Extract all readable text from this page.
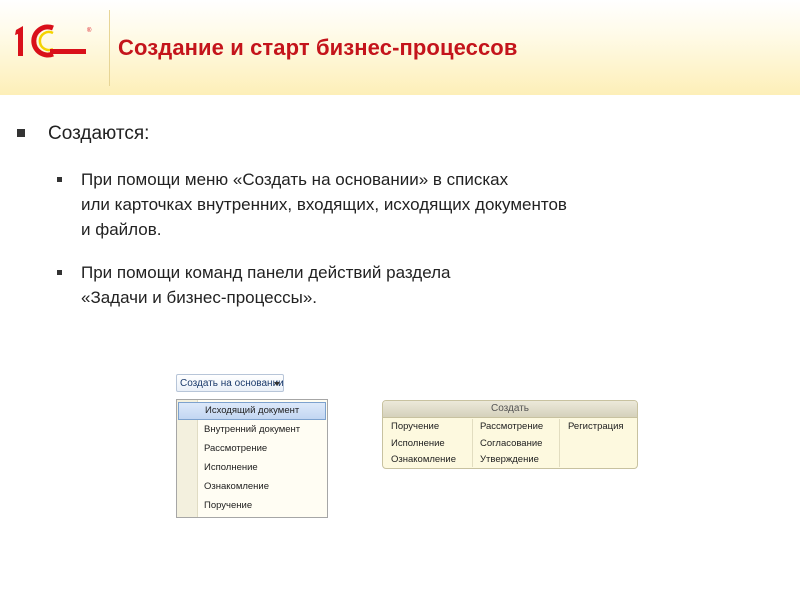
®
Создание и старт бизнес-процессов
Создаются:
При помощи меню «Создать на основании» в списках
или карточках внутренних, входящих, исходящих документов
и файлов.
При помощи команд панели действий раздела
«Задачи и бизнес-процессы».
Создать на основании
Исходящий документ
Внутренний документ
Рассмотрение
Исполнение
Ознакомление
Поручение
Создать
Поручение
Исполнение
Ознакомление
Рассмотрение
Согласование
Утверждение
Регистрация
